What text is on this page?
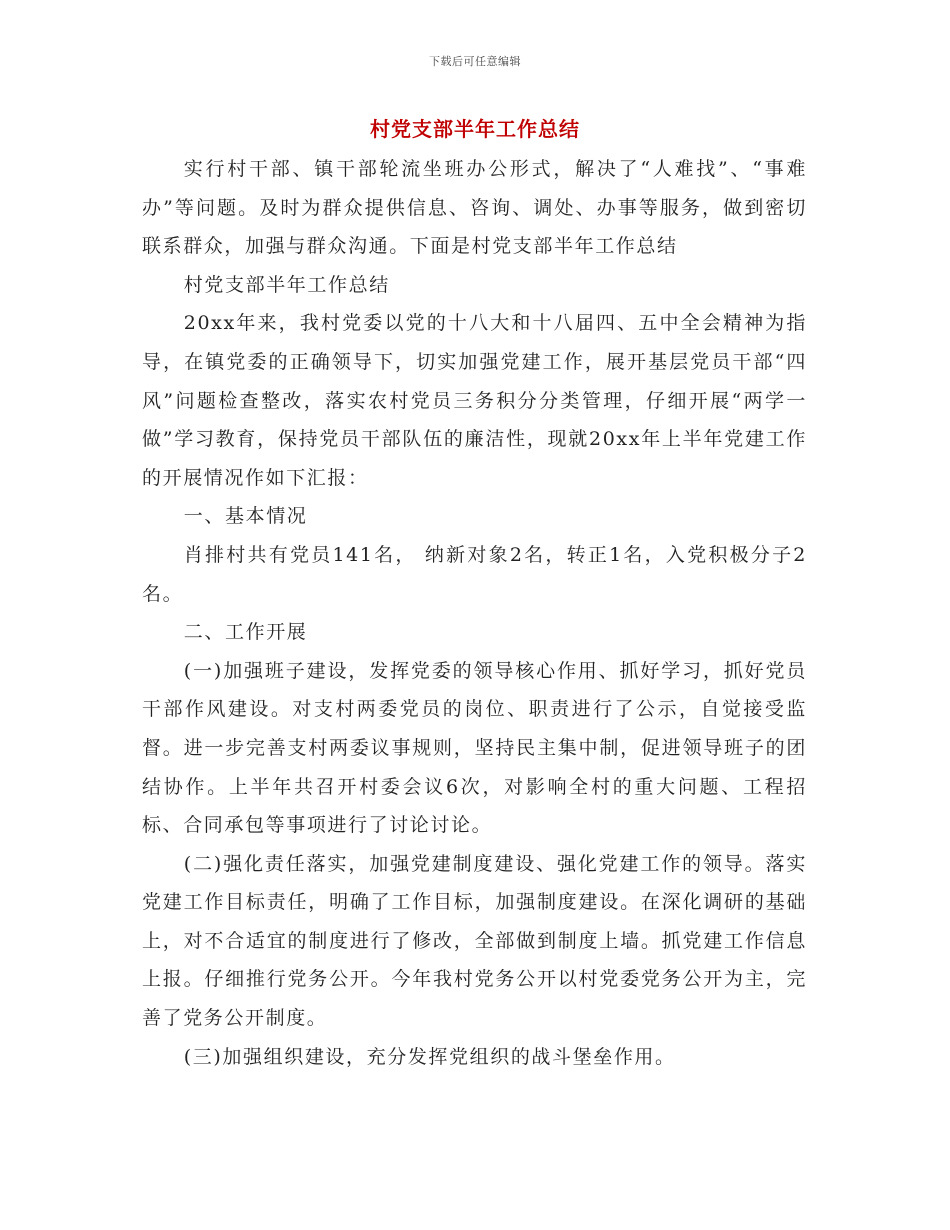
下载后可任意编辑
村党支部半年工作总结

实行村干部、镇干部轮流坐班办公形式，解决了“人难找”、“事难办”等问题。及时为群众提供信息、咨询、调处、办事等服务，做到密切联系群众，加强与群众沟通。下面是村党支部半年工作总结

村党支部半年工作总结

20xx年来，我村党委以党的十八大和十八届四、五中全会精神为指导，在镇党委的正确领导下，切实加强党建工作，展开基层党员干部“四风”问题检查整改，落实农村党员三务积分分类管理，仔细开展“两学一做”学习教育，保持党员干部队伍的廉洁性，现就20xx年上半年党建工作的开展情况作如下汇报：

一、基本情况

肖排村共有党员141名， 纳新对象2名，转正1名，入党积极分子2名。

二、工作开展

(一)加强班子建设，发挥党委的领导核心作用、抓好学习，抓好党员干部作风建设。对支村两委党员的岗位、职责进行了公示，自觉接受监督。进一步完善支村两委议事规则，坚持民主集中制，促进领导班子的团结协作。上半年共召开村委会议6次，对影响全村的重大问题、工程招标、合同承包等事项进行了讨论讨论。

(二)强化责任落实，加强党建制度建设、强化党建工作的领导。落实党建工作目标责任，明确了工作目标，加强制度建设。在深化调研的基础上，对不合适宜的制度进行了修改，全部做到制度上墙。抓党建工作信息上报。仔细推行党务公开。今年我村党务公开以村党委党务公开为主，完善了党务公开制度。

(三)加强组织建设，充分发挥党组织的战斗堡垒作用。
